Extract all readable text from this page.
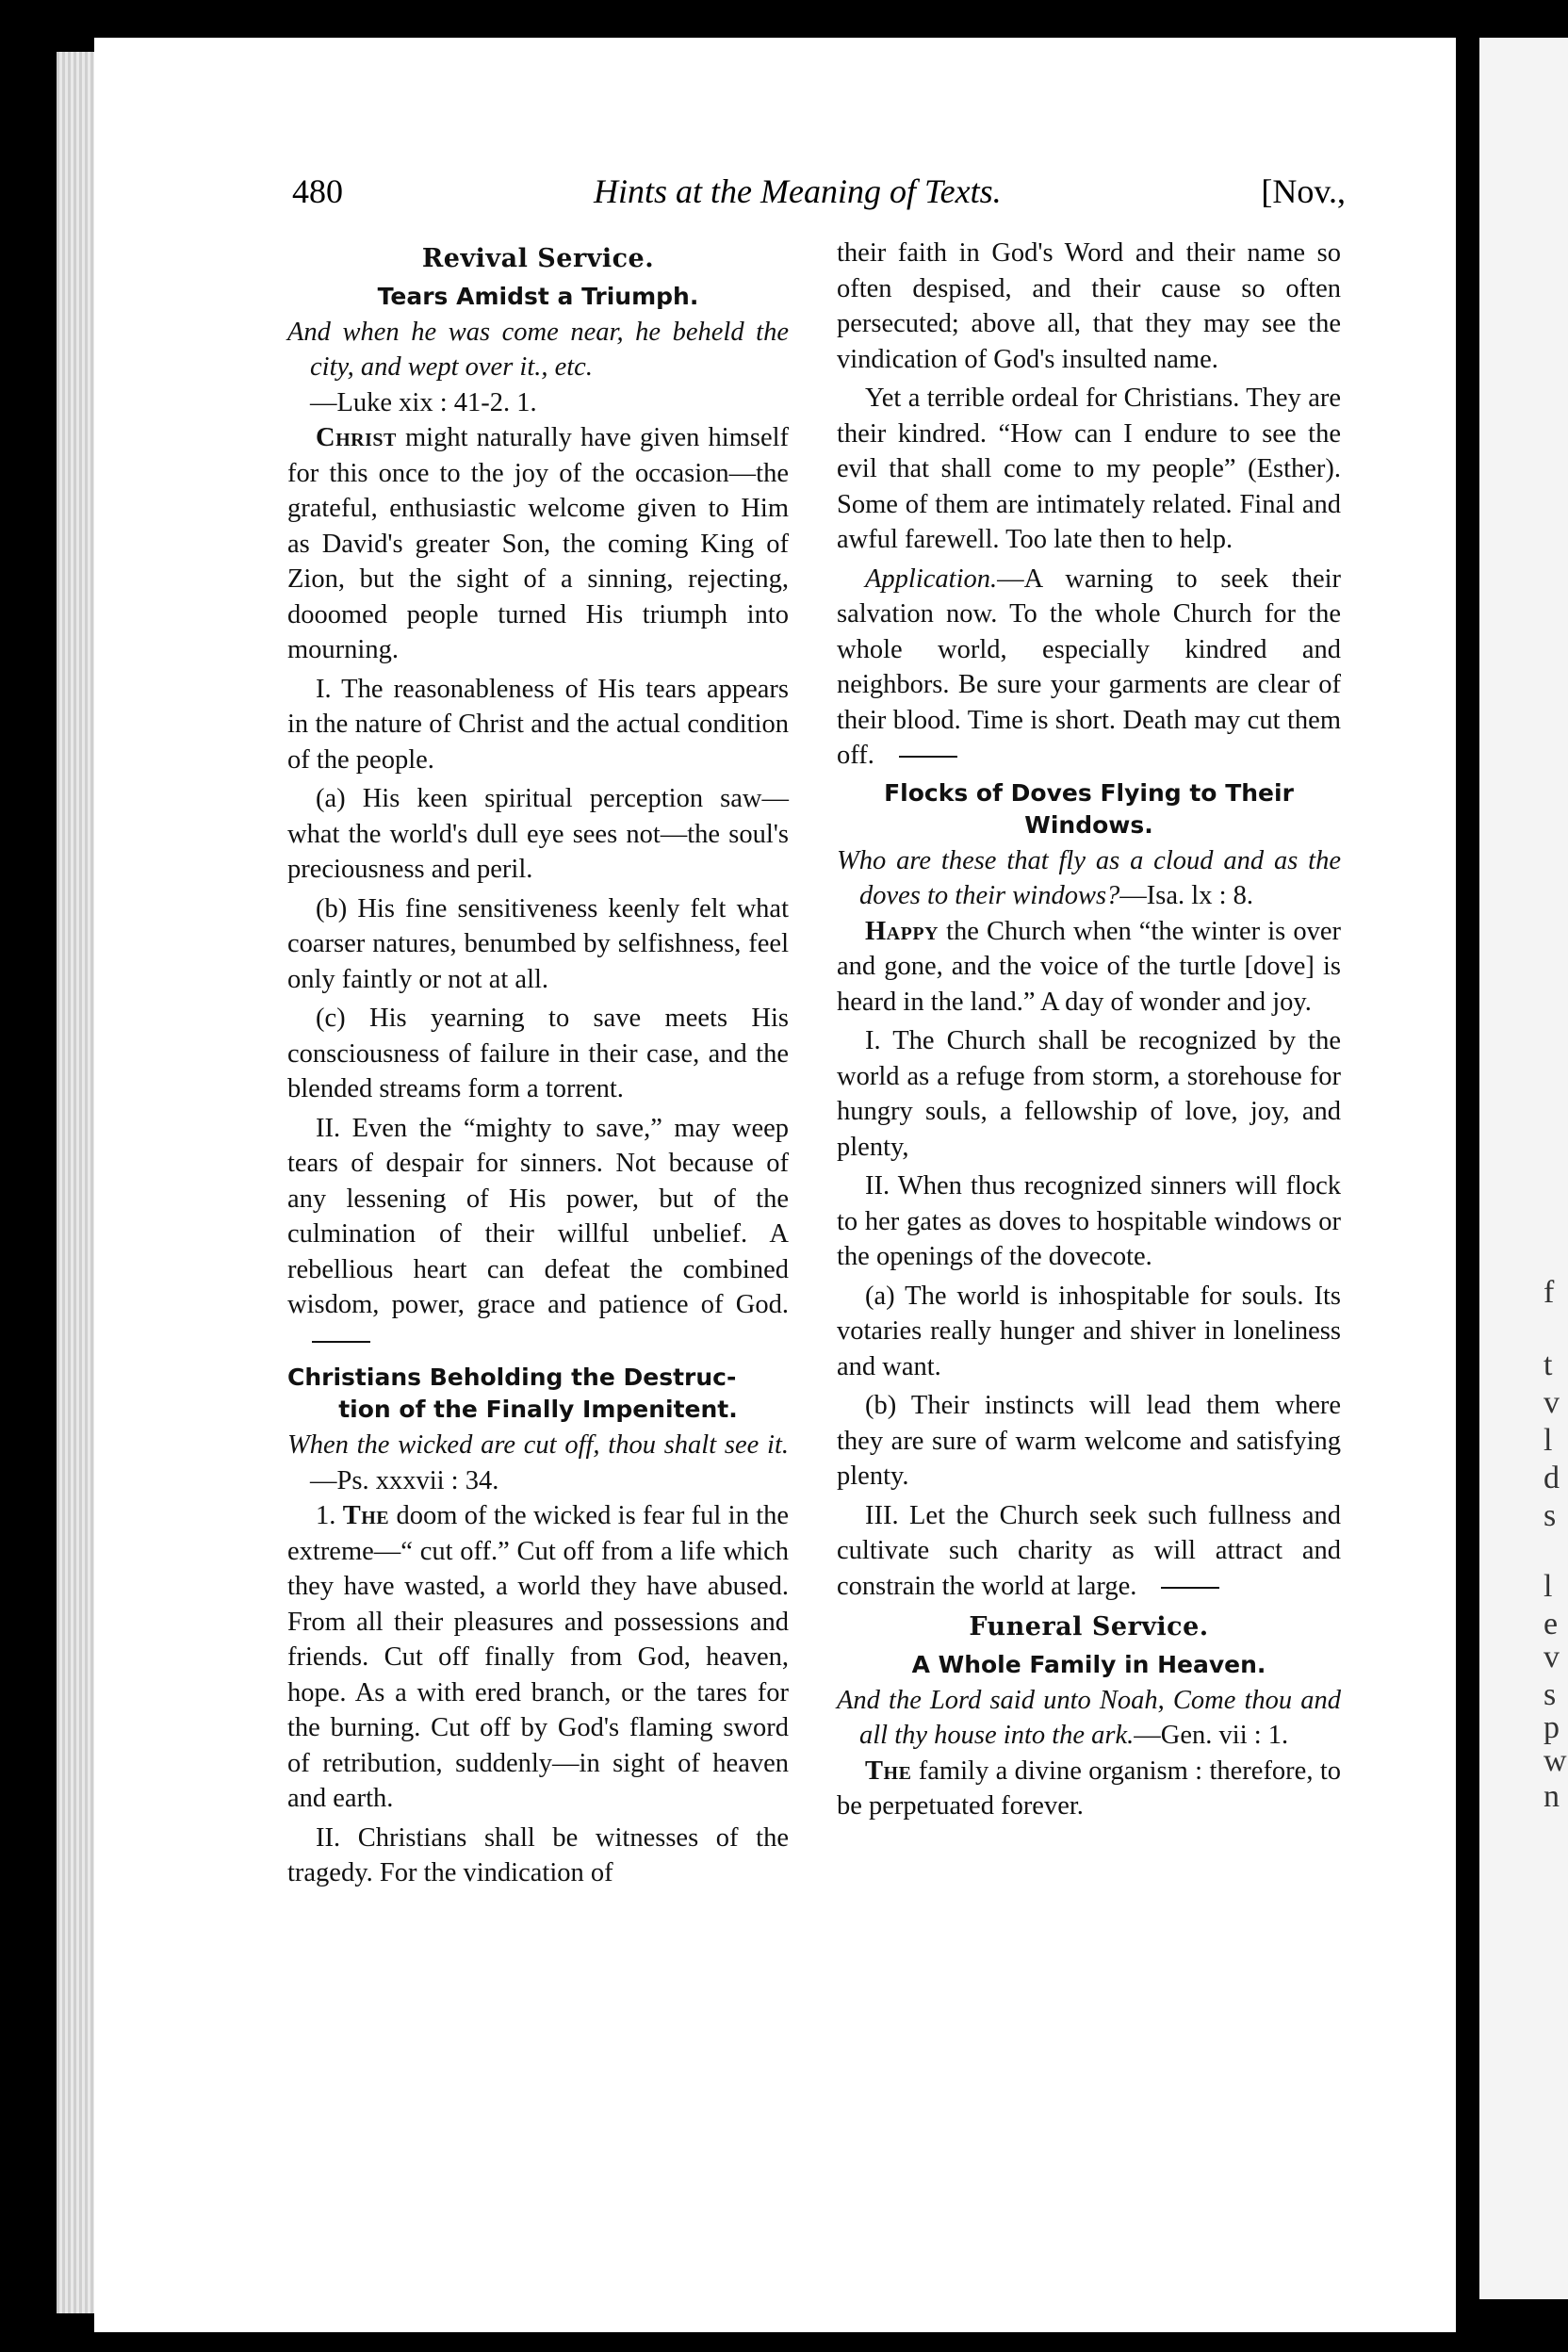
f
t
v
l
d
s
l
e
v
s
p
w
n
480	Hints at the Meaning of Texts.	[Nov.,
Revival Service.
Tears Amidst a Triumph.
And when he was come near, he beheld the city, and wept over it., etc.
—Luke xix : 41-2. 1.

Christ might naturally have given himself for this once to the joy of the occasion—the grateful, enthusiastic welcome given to Him as David's greater Son, the coming King of Zion, but the sight of a sinning, rejecting, dooomed people turned His triumph into mourning.

I. The reasonableness of His tears appears in the nature of Christ and the actual condition of the people.

(a) His keen spiritual perception saw—what the world's dull eye sees not—the soul's preciousness and peril.

(b) His fine sensitiveness keenly felt what coarser natures, benumbed by selfishness, feel only faintly or not at all.

(c) His yearning to save meets His consciousness of failure in their case, and the blended streams form a torrent.

II. Even the “mighty to save,” may weep tears of despair for sinners. Not because of any lessening of His power, but of the culmination of their willful unbelief. A rebellious heart can defeat the combined wisdom, power, grace and patience of God.

Christians Beholding the Destruc-
tion of the Finally Impenitent.
When the wicked are cut off, thou shalt see it.—Ps. xxxvii : 34.

1. The doom of the wicked is fear ful in the extreme—“ cut off.” Cut off from a life which they have wasted, a world they have abused. From all their pleasures and possessions and friends. Cut off finally from God, heaven, hope. As a with ered branch, or the tares for the burning. Cut off by God's flaming sword of retribution, suddenly—in sight of heaven and earth.

II. Christians shall be witnesses of the tragedy. For the vindication of

their faith in God's Word and their name so often despised, and their cause so often persecuted; above all, that they may see the vindication of God's insulted name.

Yet a terrible ordeal for Christians. They are their kindred. “How can I endure to see the evil that shall come to my people” (Esther). Some of them are intimately related. Final and awful farewell. Too late then to help.

Application.—A warning to seek their salvation now. To the whole Church for the whole world, especially kindred and neighbors. Be sure your garments are clear of their blood. Time is short. Death may cut them off.

Flocks of Doves Flying to Their
Windows.
Who are these that fly as a cloud and as the doves to their windows?—Isa. lx : 8.

Happy the Church when “the winter is over and gone, and the voice of the turtle [dove] is heard in the land.” A day of wonder and joy.

I. The Church shall be recognized by the world as a refuge from storm, a storehouse for hungry souls, a fellowship of love, joy, and plenty,

II. When thus recognized sinners will flock to her gates as doves to hospitable windows or the openings of the dovecote.

(a) The world is inhospitable for souls. Its votaries really hunger and shiver in loneliness and want.

(b) Their instincts will lead them where they are sure of warm welcome and satisfying plenty.

III. Let the Church seek such fullness and cultivate such charity as will attract and constrain the world at large.

Funeral Service.
A Whole Family in Heaven.
And the Lord said unto Noah, Come thou and all thy house into the ark.—Gen. vii : 1.

The family a divine organism : therefore, to be perpetuated forever.
